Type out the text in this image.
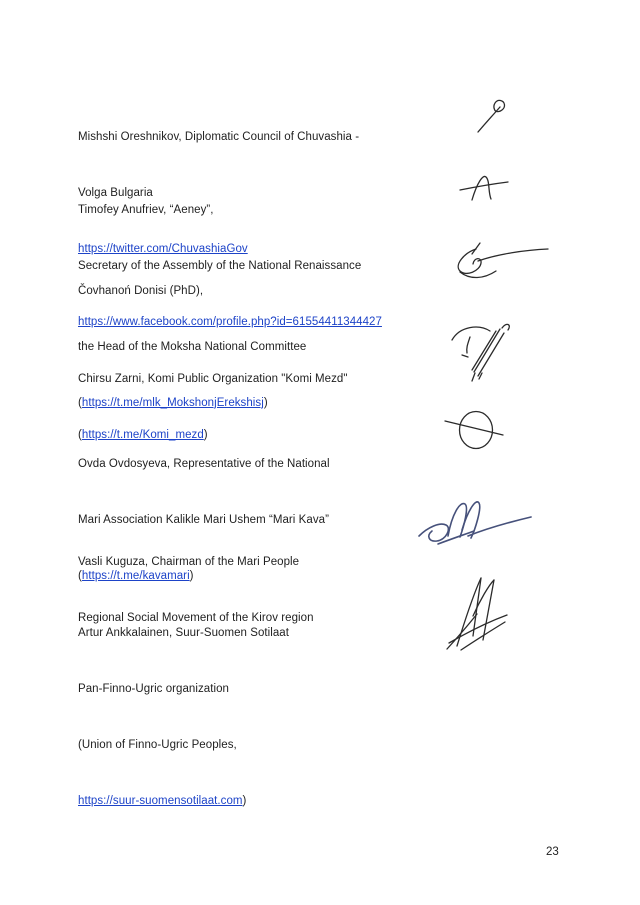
Mishshi Oreshnikov, Diplomatic Council of Chuvashia -

Volga Bulgaria

https://twitter.com/ChuvashiaGov

Timofey Anufriev, “Aeney”,

Secretary of the Assembly of the National Renaissance

https://www.facebook.com/profile.php?id=61554411344427

Čovhanoń Donisi (PhD),

the Head of the Moksha National Committee

(https://t.me/mlk_MokshonjErekshisj)

Chirsu Zarni, Komi Public Organization "Komi Mezd"

(https://t.me/Komi_mezd)

Ovda Ovdosyeva, Representative of the National

Mari Association Kalikle Mari Ushem “Mari Kava”

(https://t.me/kavamari)

Vasli Kuguza, Chairman of the Mari People

Regional Social Movement of the Kirov region

Artur Ankkalainen, Suur-Suomen Sotilaat

Pan-Finno-Ugric organization

(Union of Finno-Ugric Peoples,

https://suur-suomensotilaat.com)

23
